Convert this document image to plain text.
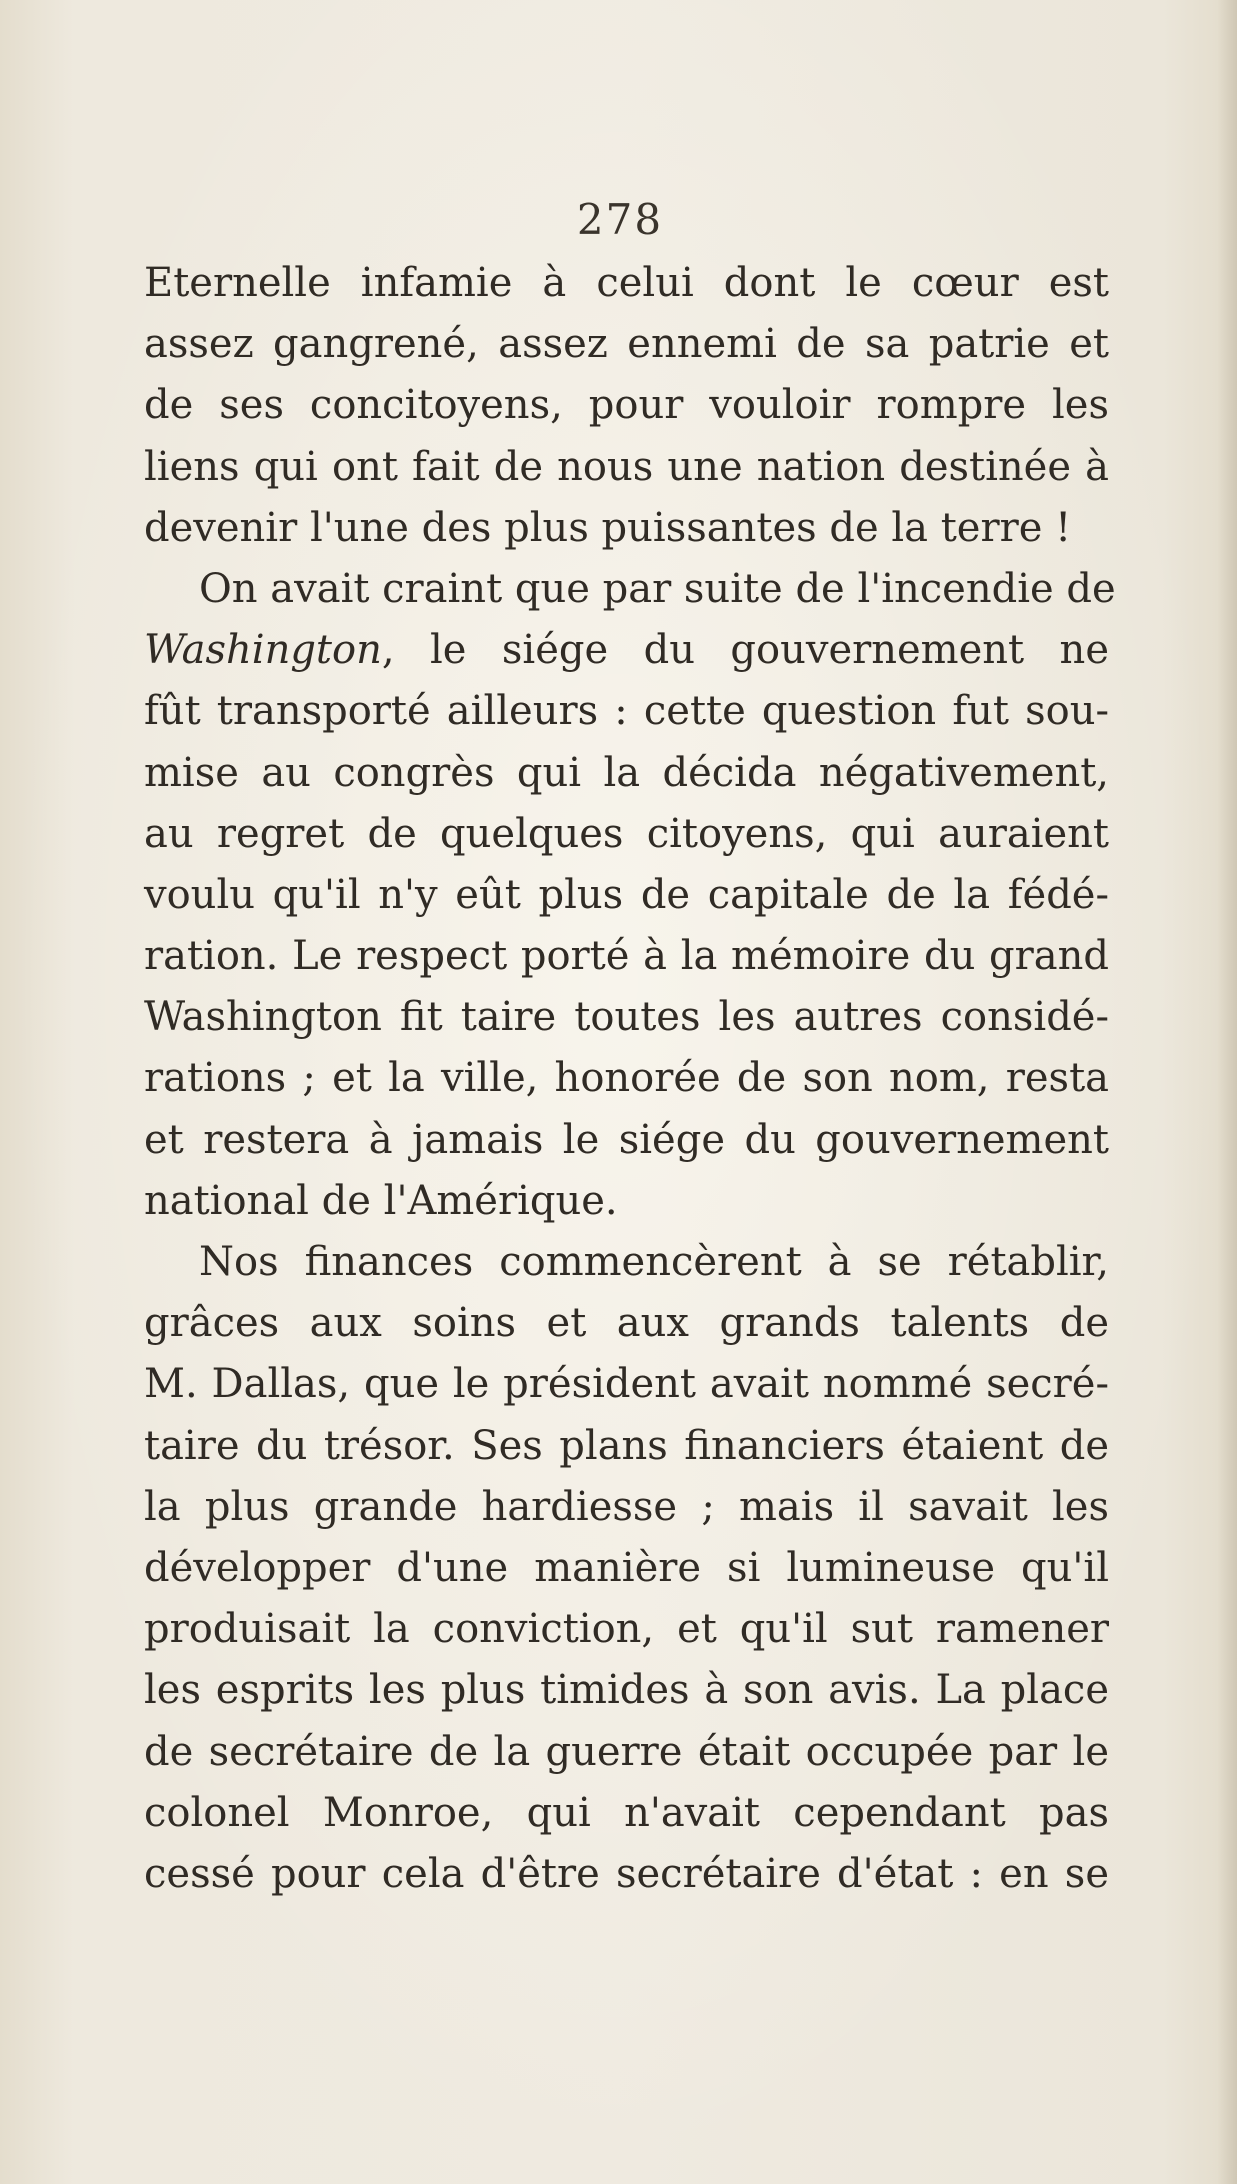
278

Eternelle infamie à celui dont le cœur est
assez gangrené, assez ennemi de sa patrie et
de ses concitoyens, pour vouloir rompre les
liens qui ont fait de nous une nation destinée à
devenir l'une des plus puissantes de la terre !
On avait craint que par suite de l'incendie de
Washington, le siége du gouvernement ne
fût transporté ailleurs : cette question fut sou-
mise au congrès qui la décida négativement,
au regret de quelques citoyens, qui auraient
voulu qu'il n'y eût plus de capitale de la fédé-
ration. Le respect porté à la mémoire du grand
Washington fit taire toutes les autres considé-
rations ; et la ville, honorée de son nom, resta
et restera à jamais le siége du gouvernement
national de l'Amérique.
Nos finances commencèrent à se rétablir,
grâces aux soins et aux grands talents de
M. Dallas, que le président avait nommé secré-
taire du trésor. Ses plans financiers étaient de
la plus grande hardiesse ; mais il savait les
développer d'une manière si lumineuse qu'il
produisait la conviction, et qu'il sut ramener
les esprits les plus timides à son avis. La place
de secrétaire de la guerre était occupée par le
colonel Monroe, qui n'avait cependant pas
cessé pour cela d'être secrétaire d'état : en se
